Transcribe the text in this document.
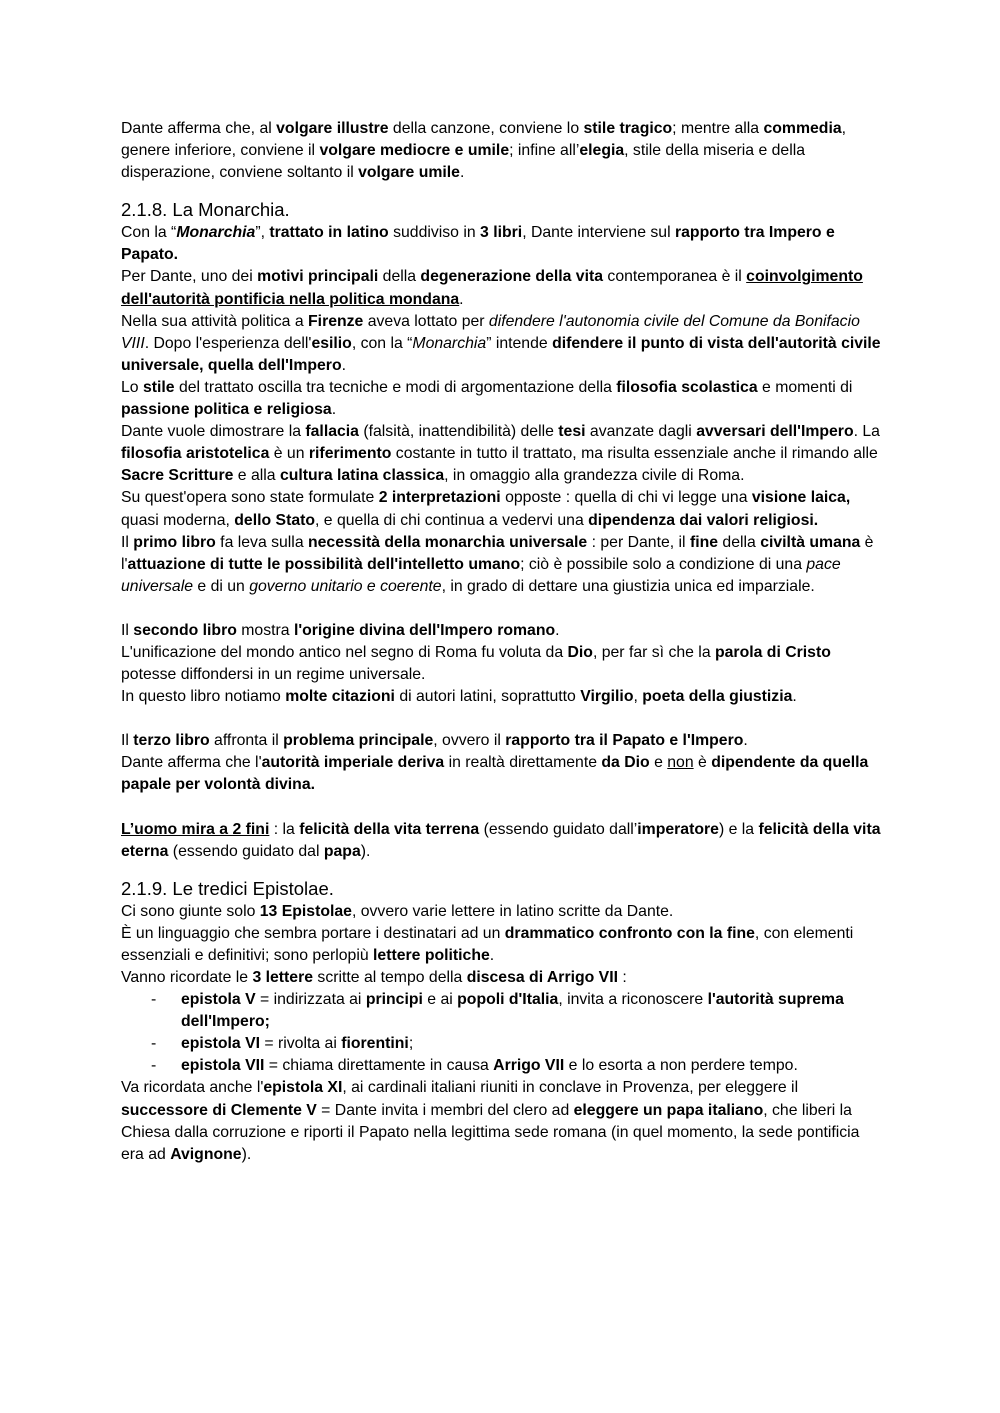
Dante afferma che, al volgare illustre della canzone, conviene lo stile tragico; mentre alla commedia, genere inferiore, conviene il volgare mediocre e umile; infine all’elegia, stile della miseria e della disperazione, conviene soltanto il volgare umile.

2.1.8. La Monarchia.

Con la “Monarchia”, trattato in latino suddiviso in 3 libri, Dante interviene sul rapporto tra Impero e Papato.

Per Dante, uno dei motivi principali della degenerazione della vita contemporanea è il coinvolgimento dell'autorità pontificia nella politica mondana.

Nella sua attività politica a Firenze aveva lottato per difendere l'autonomia civile del Comune da Bonifacio VIII. Dopo l'esperienza dell'esilio, con la “Monarchia” intende difendere il punto di vista dell'autorità civile universale, quella dell'Impero.

Lo stile del trattato oscilla tra tecniche e modi di argomentazione della filosofia scolastica e momenti di passione politica e religiosa.

Dante vuole dimostrare la fallacia (falsità, inattendibilità) delle tesi avanzate dagli avversari dell'Impero. La filosofia aristotelica è un riferimento costante in tutto il trattato, ma risulta essenziale anche il rimando alle Sacre Scritture e alla cultura latina classica, in omaggio alla grandezza civile di Roma.

Su quest'opera sono state formulate 2 interpretazioni opposte : quella di chi vi legge una visione laica, quasi moderna, dello Stato, e quella di chi continua a vedervi una dipendenza dai valori religiosi.

Il primo libro fa leva sulla necessità della monarchia universale : per Dante, il fine della civiltà umana è l'attuazione di tutte le possibilità dell'intelletto umano; ciò è possibile solo a condizione di una pace universale e di un governo unitario e coerente, in grado di dettare una giustizia unica ed imparziale.

Il secondo libro mostra l'origine divina dell'Impero romano.

L'unificazione del mondo antico nel segno di Roma fu voluta da Dio, per far sì che la parola di Cristo potesse diffondersi in un regime universale.

In questo libro notiamo molte citazioni di autori latini, soprattutto Virgilio, poeta della giustizia.

Il terzo libro affronta il problema principale, ovvero il rapporto tra il Papato e l'Impero.

Dante afferma che l'autorità imperiale deriva in realtà direttamente da Dio e non è dipendente da quella papale per volontà divina.

L’uomo mira a 2 fini : la felicità della vita terrena (essendo guidato dall’imperatore) e la felicità della vita eterna (essendo guidato dal papa).

2.1.9. Le tredici Epistolae.

Ci sono giunte solo 13 Epistolae, ovvero varie lettere in latino scritte da Dante.

È un linguaggio che sembra portare i destinatari ad un drammatico confronto con la fine, con elementi essenziali e definitivi; sono perlopiù lettere politiche.

Vanno ricordate le 3 lettere scritte al tempo della discesa di Arrigo VII :

- epistola V = indirizzata ai principi e ai popoli d'Italia, invita a riconoscere l'autorità suprema dell'Impero;
- epistola VI = rivolta ai fiorentini;
- epistola VII = chiama direttamente in causa Arrigo VII e lo esorta a non perdere tempo.

Va ricordata anche l'epistola XI, ai cardinali italiani riuniti in conclave in Provenza, per eleggere il successore di Clemente V = Dante invita i membri del clero ad eleggere un papa italiano, che liberi la Chiesa dalla corruzione e riporti il Papato nella legittima sede romana (in quel momento, la sede pontificia era ad Avignone).
